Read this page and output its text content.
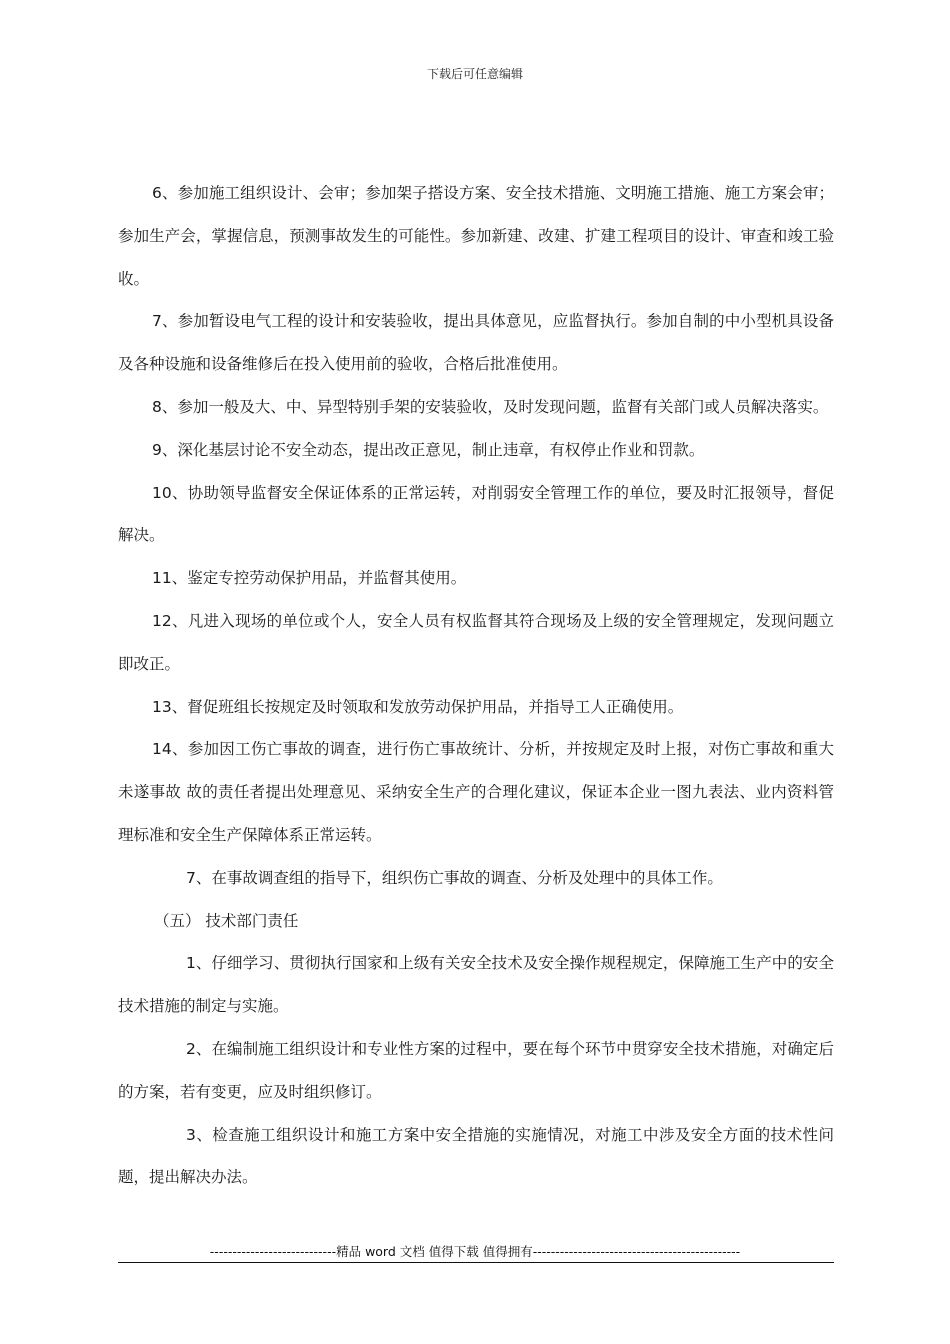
下载后可任意编辑

6、参加施工组织设计、会审；参加架子搭设方案、安全技术措施、文明施工措施、施工方案会审；参加生产会，掌握信息，预测事故发生的可能性。参加新建、改建、扩建工程项目的设计、审查和竣工验收。

7、参加暂设电气工程的设计和安装验收，提出具体意见，应监督执行。参加自制的中小型机具设备及各种设施和设备维修后在投入使用前的验收，合格后批准使用。

8、参加一般及大、中、异型特别手架的安装验收，及时发现问题，监督有关部门或人员解决落实。

9、深化基层讨论不安全动态，提出改正意见，制止违章，有权停止作业和罚款。

10、协助领导监督安全保证体系的正常运转，对削弱安全管理工作的单位，要及时汇报领导，督促解决。

11、鉴定专控劳动保护用品，并监督其使用。

12、凡进入现场的单位或个人，安全人员有权监督其符合现场及上级的安全管理规定，发现问题立即改正。

13、督促班组长按规定及时领取和发放劳动保护用品，并指导工人正确使用。

14、参加因工伤亡事故的调查，进行伤亡事故统计、分析，并按规定及时上报，对伤亡事故和重大未遂事故 故的责任者提出处理意见、采纳安全生产的合理化建议，保证本企业一图九表法、业内资料管理标准和安全生产保障体系正常运转。

7、在事故调查组的指导下，组织伤亡事故的调查、分析及处理中的具体工作。

（五） 技术部门责任

1、仔细学习、贯彻执行国家和上级有关安全技术及安全操作规程规定，保障施工生产中的安全技术措施的制定与实施。

2、在编制施工组织设计和专业性方案的过程中，要在每个环节中贯穿安全技术措施，对确定后的方案，若有变更，应及时组织修订。

3、检查施工组织设计和施工方案中安全措施的实施情况，对施工中涉及安全方面的技术性问题，提出解决办法。

----------------------------精品 word 文档 值得下载 值得拥有----------------------------------------------
